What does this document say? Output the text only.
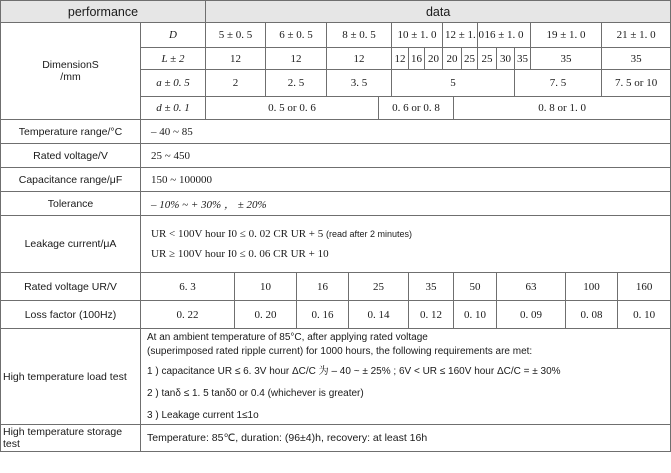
performance		data																			

DimensionS
/mm	D	5 ± 0. 5		6 ± 0. 5		8 ± 0. 5			10 ± 1. 0			12 ± 1. 0			16 ± 1. 0			19 ± 1. 0		21 ± 1. 0	
	L ± 2	12		12		12			12	16	20	20		25	25	30	35	35		35	
	a ± 0. 5	2		2. 5		3. 5			5								7. 5			7. 5 or 10	
	d ± 0. 1	0. 5 or 0. 6						0. 6 or 0. 8					0. 8 or 1. 0								
Temperature range/°C	– 40 ~ 85																				
Rated voltage/V	25 ~ 450																				
Capacitance range/μF	150 ~ 100000																				
Tolerance	– 10% ~ + 30% ， ± 20%																				
Leakage current/μA	UR < 100V hour I0 ≤ 0. 02 CR UR + 5 (read after 2 minutes)
UR ≥ 100V hour I0 ≤ 0. 06 CR UR + 10																				

Rated voltage UR/V	6. 3		10		16		25			35			50			63			100		160
Loss factor (100Hz)	0. 22		0. 20		0. 16		0. 14			0. 12			0. 10			0. 09			0. 08		0. 10
High temperature load test	At an ambient temperature of 85°C, after applying rated voltage
(superimposed rated ripple current) for 1000 hours, the following requirements are met:
1 ) capacitance UR ≤ 6. 3V hour ΔC/C 为 – 40 ~ ± 25% ; 6V < UR ≤ 160V hour ΔC/C = ± 30%
2 ) tanδ ≤ 1. 5 tanδ0 or 0.4 (whichever is greater)
3 ) Leakage current 1≤1o																				

High temperature storage test	Temperature: 85℃, duration: (96±4)h, recovery: at least 16h																				
